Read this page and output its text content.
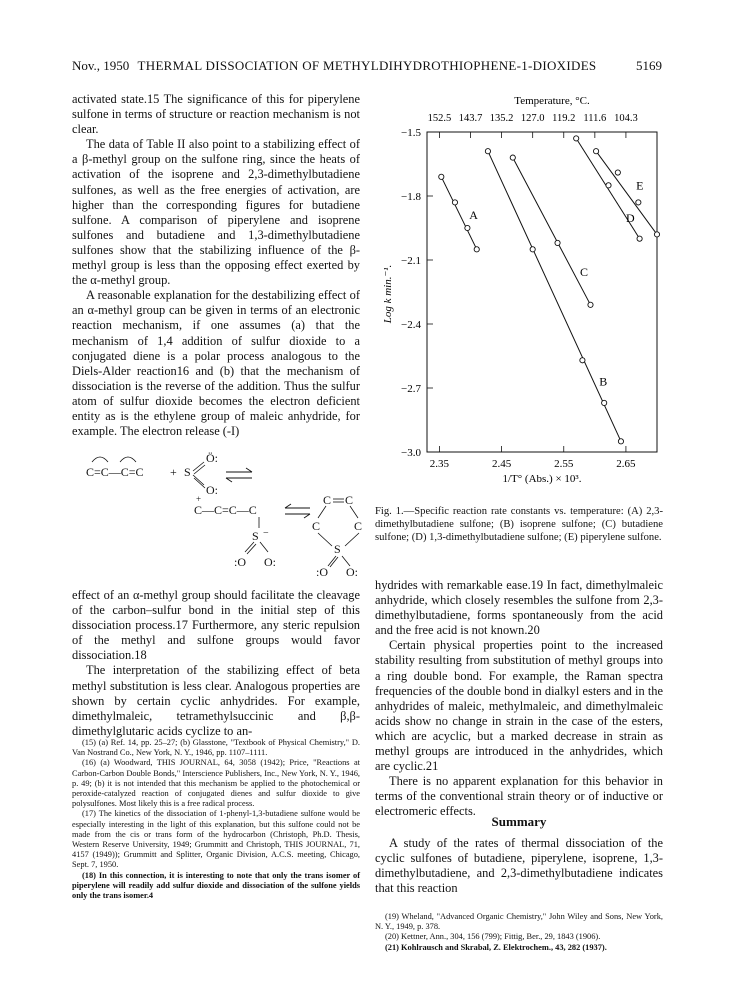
Nov., 1950 THERMAL DISSOCIATION OF METHYLDIHYDROTHIOPHENE-1-DIOXIDES	5169

activated state.15 The significance of this for piperylene sulfone in terms of structure or reaction mechanism is not clear.

The data of Table II also point to a stabilizing effect of a β-methyl group on the sulfone ring, since the heats of activation of the isoprene and 2,3-dimethylbutadiene sulfones, as well as the free energies of activation, are higher than the corresponding figures for butadiene sulfone. A comparison of piperylene and isoprene sulfones and butadiene and 1,3-dimethylbutadiene sulfones show that the stabilizing influence of the β-methyl group is less than the opposing effect exerted by the α-methyl group.

A reasonable explanation for the destabilizing effect of an α-methyl group can be given in terms of an electronic reaction mechanism, if one assumes (a) that the mechanism of 1,4 addition of sulfur dioxide to a conjugated diene is a polar process analogous to the Diels-Alder reaction16 and (b) that the mechanism of dissociation is the reverse of the addition. Thus the sulfur atom of sulfur dioxide becomes the electron deficient entity as is the ethylene group of maleic anhydride, for example. The electron release (-I)

C=C—C=C + S
Ö:
O:
+
C—C=C—C
S −
:O O:
C C
C	C
S
:O O:

effect of an α-methyl group should facilitate the cleavage of the carbon–sulfur bond in the initial step of this dissociation process.17 Furthermore, any steric repulsion of the methyl and sulfone groups would favor dissociation.18

The interpretation of the stabilizing effect of beta methyl substitution is less clear. Analogous properties are shown by certain cyclic anhydrides. For example, dimethylmaleic, tetramethylsuccinic and β,β-dimethylglutaric acids cyclize to an-

(15) (a) Ref. 14, pp. 25–27; (b) Glasstone, "Textbook of Physical Chemistry," D. Van Nostrand Co., New York, N. Y., 1946, pp. 1107–1111.

(16) (a) Woodward, THIS JOURNAL, 64, 3058 (1942); Price, "Reactions at Carbon-Carbon Double Bonds," Interscience Publishers, Inc., New York, N. Y., 1946, p. 49; (b) it is not intended that this mechanism be applied to the photochemical or peroxide-catalyzed reaction of conjugated dienes and sulfur dioxide to give polysulfones. Most likely this is a free radical process.

(17) The kinetics of the dissociation of 1-phenyl-1,3-butadiene sulfone would be especially interesting in the light of this explanation, but this sulfone could not be made from the cis or trans form of the hydrocarbon (Christoph, Ph.D. Thesis, Western Reserve University, 1949; Grummitt and Christoph, THIS JOURNAL, 71, 4157 (1949)); Grummitt and Splitter, Organic Division, A.C.S. meeting, Chicago, Sept. 7, 1950.

(18) In this connection, it is interesting to note that only the trans isomer of piperylene will readily add sulfur dioxide and dissociation of the sulfone yields only the trans isomer.4

Temperature, °C.
152.5 143.7 135.2 127.0 119.2 111.6 104.3
−1.5
−1.8
−2.1
−2.4
−2.7
−3.0
2.35	2.45	2.55	2.65
1/T° (Abs.) × 10³.
Log k min.⁻¹.
A
B
C
D
E

Fig. 1.—Specific reaction rate constants vs. temperature: (A) 2,3-dimethylbutadiene sulfone; (B) isoprene sulfone; (C) butadiene sulfone; (D) 1,3-dimethylbutadiene sulfone; (E) piperylene sulfone.

hydrides with remarkable ease.19 In fact, dimethylmaleic anhydride, which closely resembles the sulfone from 2,3-dimethylbutadiene, forms spontaneously from the acid and the free acid is not known.20

Certain physical properties point to the increased stability resulting from substitution of methyl groups into a ring double bond. For example, the Raman spectra frequencies of the double bond in dialkyl esters and in the anhydrides of maleic, methylmaleic, and dimethylmaleic acids show no change in strain in the case of the esters, which are acyclic, but a marked decrease in strain as methyl groups are introduced in the anhydrides, which are cyclic.21

There is no apparent explanation for this behavior in terms of the conventional strain theory or of inductive or electromeric effects.

Summary

A study of the rates of thermal dissociation of the cyclic sulfones of butadiene, piperylene, isoprene, 1,3-dimethylbutadiene, and 2,3-dimethylbutadiene indicates that this reaction

(19) Wheland, "Advanced Organic Chemistry," John Wiley and Sons, New York, N. Y., 1949, p. 378.

(20) Kettner, Ann., 304, 156 (799); Fittig, Ber., 29, 1843 (1906).

(21) Kohlrausch and Skrabal, Z. Elektrochem., 43, 282 (1937).
